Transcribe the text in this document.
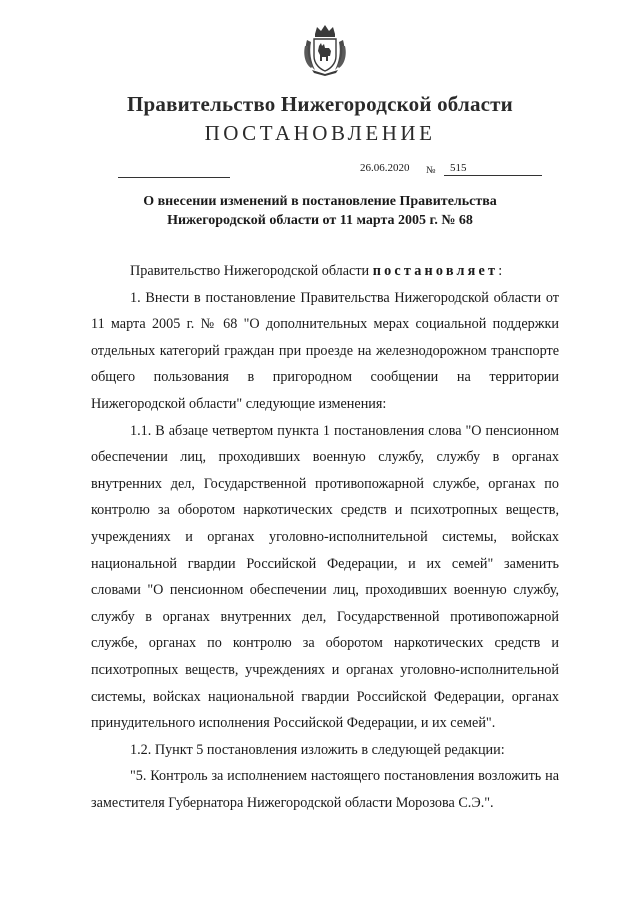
Правительство Нижегородской области
ПОСТАНОВЛЕНИЕ
26.06.2020 №	515
О внесении изменений в постановление Правительства
Нижегородской области от 11 марта 2005 г. № 68

Правительство Нижегородской области постановляет:

1. Внести в постановление Правительства Нижегородской области от 11 марта 2005 г. № 68 "О дополнительных мерах социальной поддержки отдельных категорий граждан при проезде на железнодорожном транспорте общего пользования в пригородном сообщении на территории Нижегородской области" следующие изменения:

1.1. В абзаце четвертом пункта 1 постановления слова "О пенсионном обеспечении лиц, проходивших военную службу, службу в органах внутренних дел, Государственной противопожарной службе, органах по контролю за оборотом наркотических средств и психотропных веществ, учреждениях и органах уголовно-исполнительной системы, войсках национальной гвардии Российской Федерации, и их семей" заменить словами "О пенсионном обеспечении лиц, проходивших военную службу, службу в органах внутренних дел, Государственной противопожарной службе, органах по контролю за оборотом наркотических средств и психотропных веществ, учреждениях и органах уголовно-исполнительной системы, войсках национальной гвардии Российской Федерации, органах принудительного исполнения Российской Федерации, и их семей".

1.2. Пункт 5 постановления изложить в следующей редакции:

"5. Контроль за исполнением настоящего постановления возложить на заместителя Губернатора Нижегородской области Морозова С.Э.".
